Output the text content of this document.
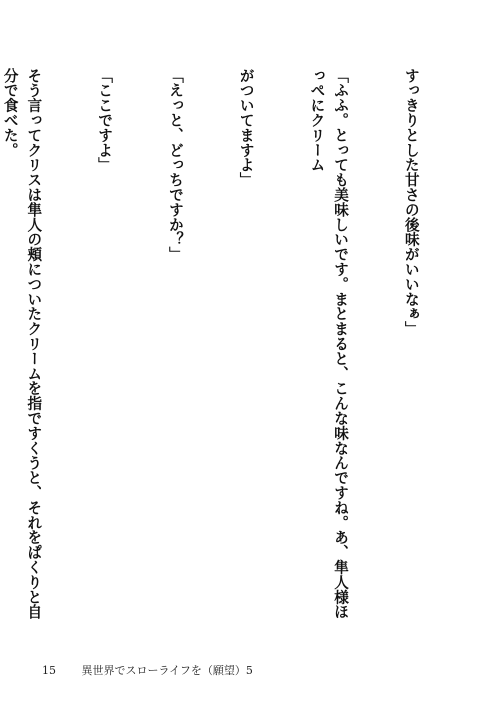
すっきりとした甘さの後味がいいなぁ」

「ふふ。とっても美味しいです。まとまると、こんな味なんですね。あ、隼人様ほっぺにクリーム

がついてますよ」

「えっと、どっちですか？」

「ここですよ」

そう言ってクリスは隼人の頬についたクリームを指ですくうと、それをぱくりと自分で食べた。

15 異世界でスローライフを（願望）5
